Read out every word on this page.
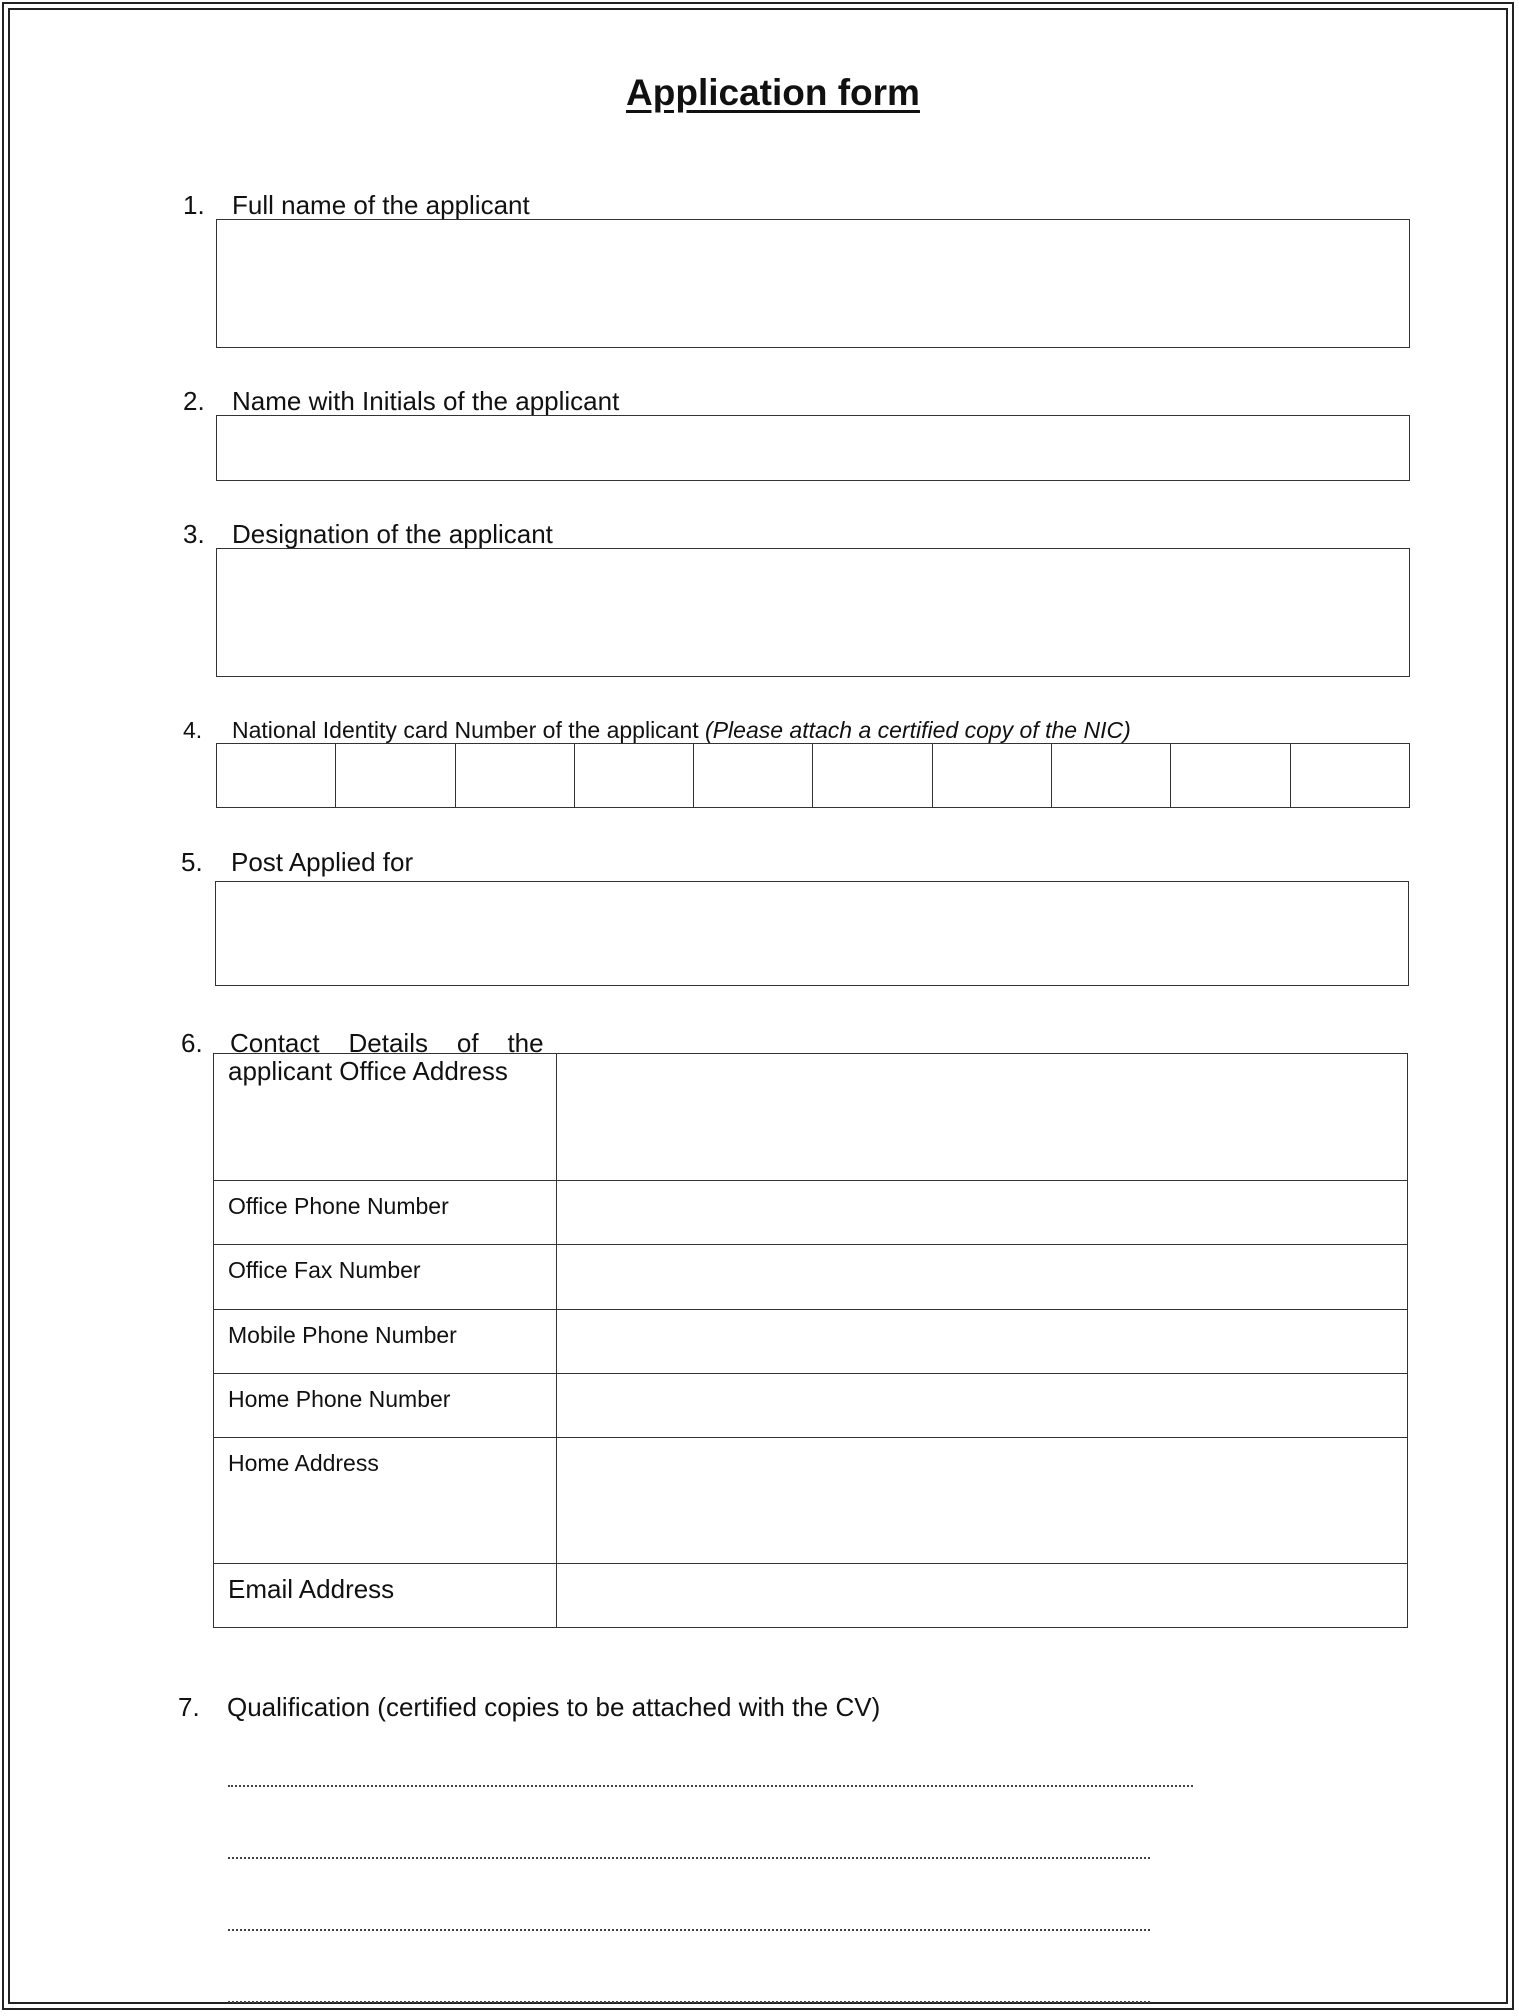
Application form
1. Full name of the applicant
2. Name with Initials of the applicant
3. Designation of the applicant
4. National Identity card Number of the applicant (Please attach a certified copy of the NIC)
5. Post Applied for
6. Contact    Details    of    the
applicant Office Address	
Office Phone Number	
Office Fax Number	
Mobile Phone Number	
Home Phone Number	
Home Address	
Email Address	
7. Qualification (certified copies to be attached with the CV)
